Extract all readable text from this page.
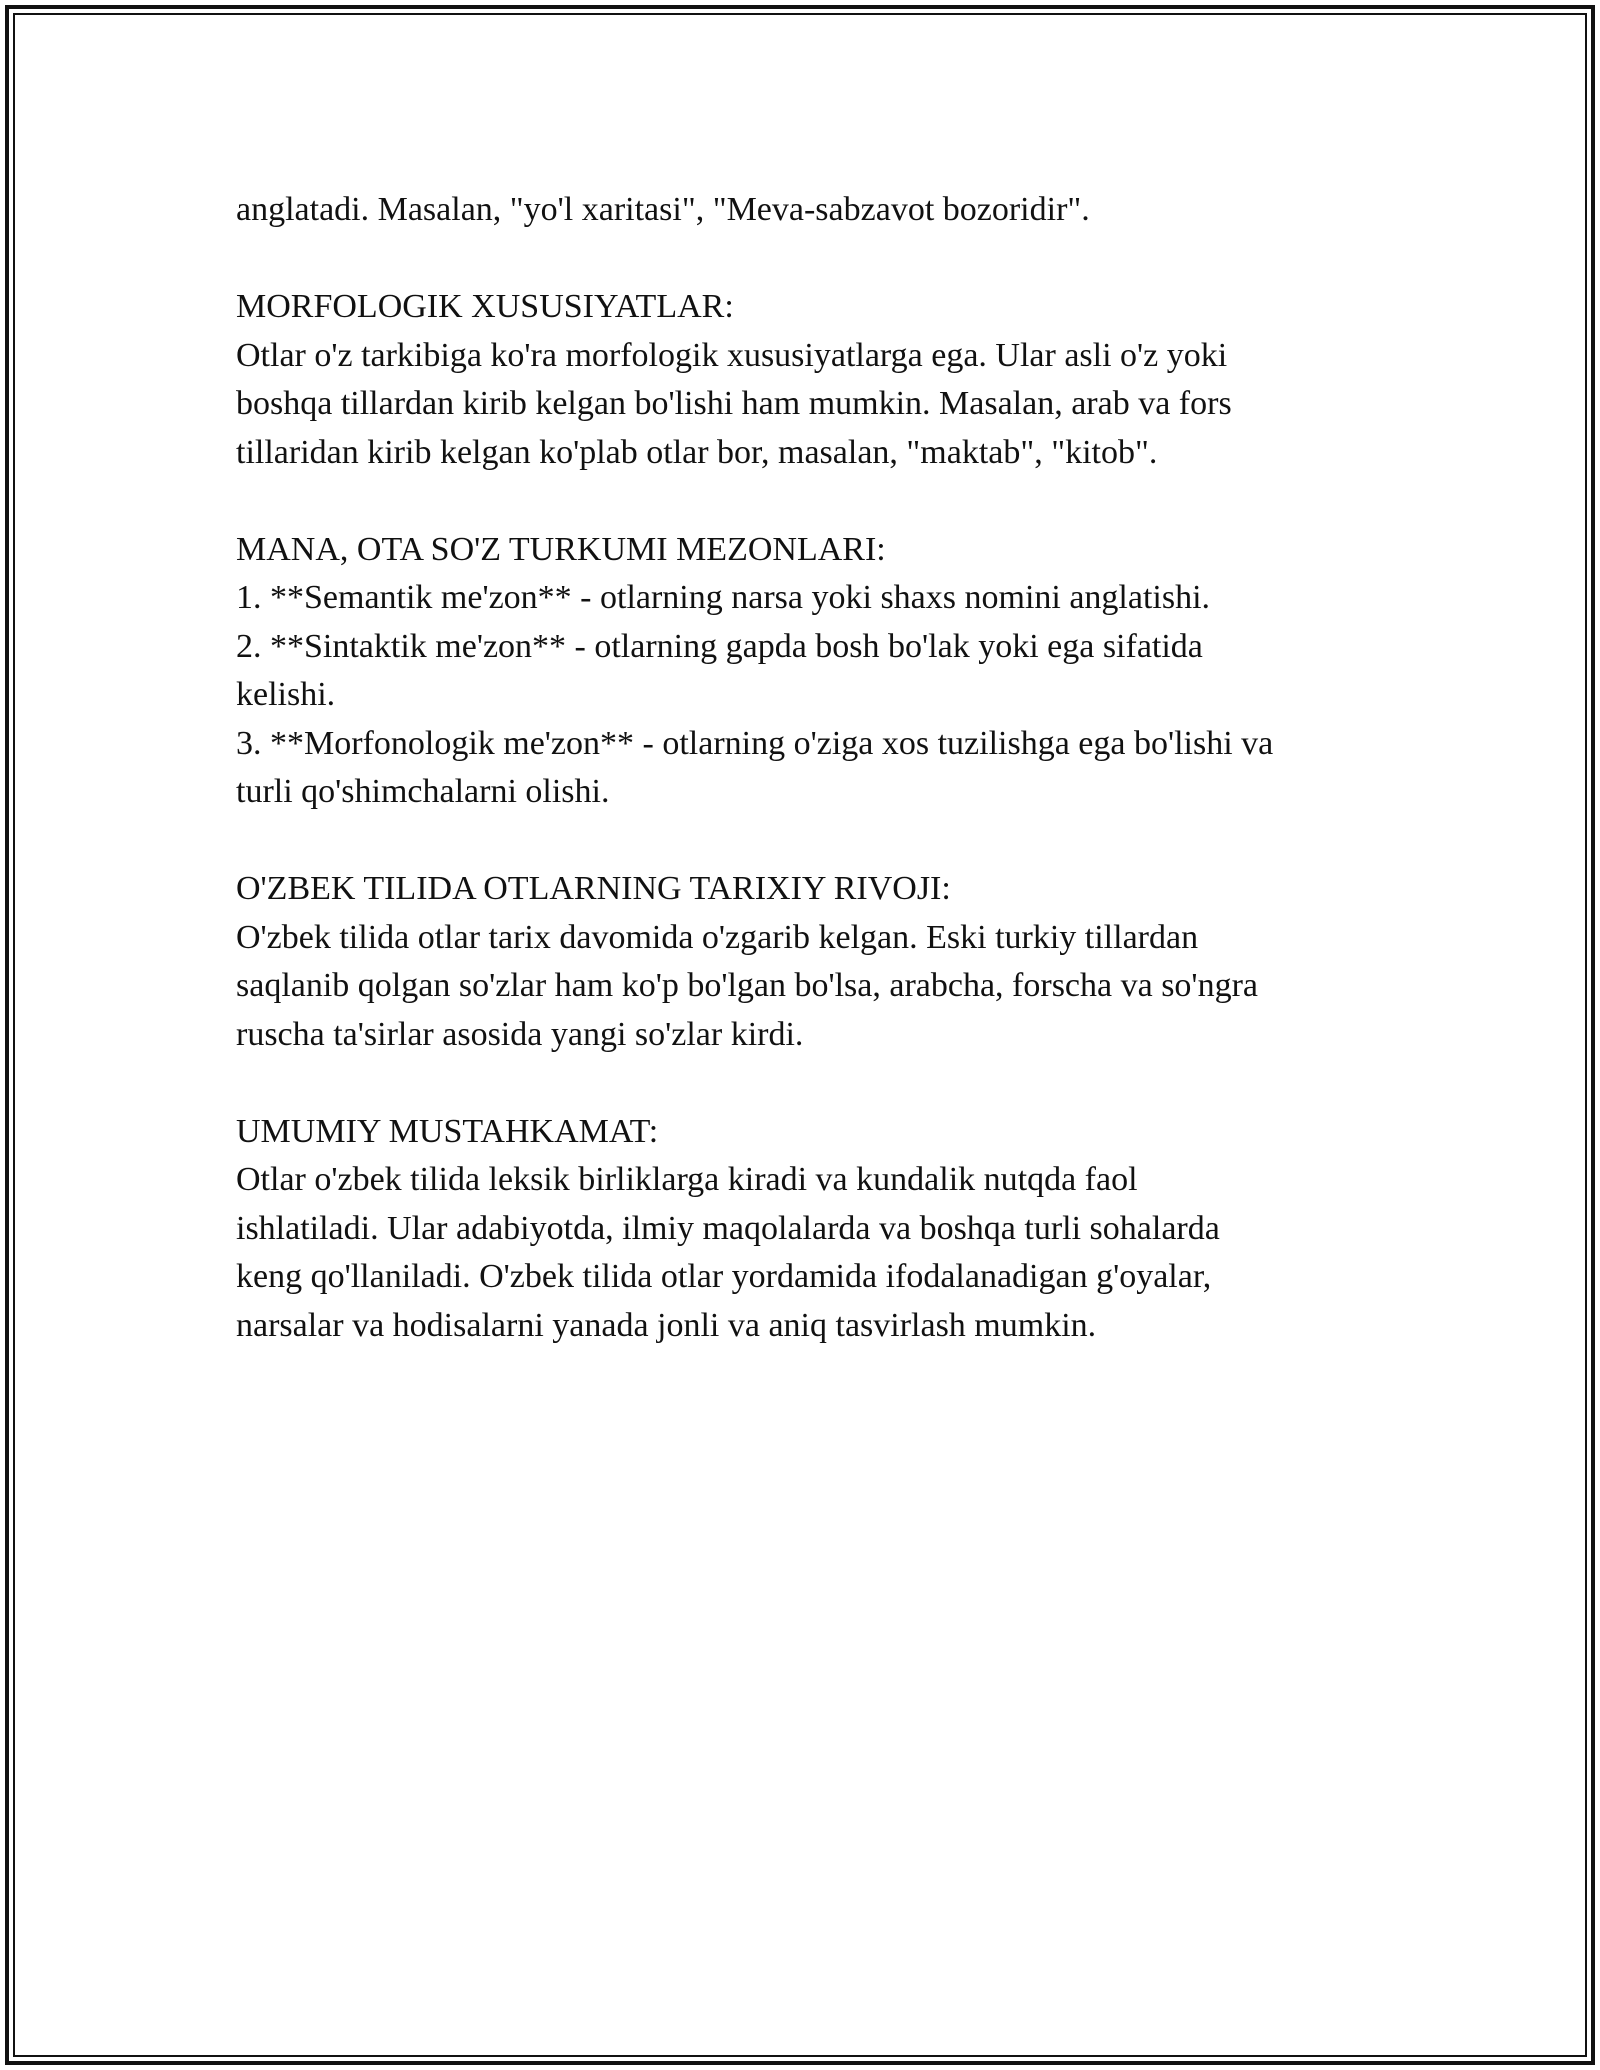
anglatadi. Masalan, "yo'l xaritasi", "Meva-sabzavot bozoridir".

MORFOLOGIK XUSUSIYATLAR:
Otlar o'z tarkibiga ko'ra morfologik xususiyatlarga ega. Ular asli o'z yoki
boshqa tillardan kirib kelgan bo'lishi ham mumkin. Masalan, arab va fors
tillaridan kirib kelgan ko'plab otlar bor, masalan, "maktab", "kitob".
MANA, OTA SO'Z TURKUMI MEZONLARI:
1. **Semantik me'zon** - otlarning narsa yoki shaxs nomini anglatishi.
2. **Sintaktik me'zon** - otlarning gapda bosh bo'lak yoki ega sifatida
kelishi.
3. **Morfonologik me'zon** - otlarning o'ziga xos tuzilishga ega bo'lishi va
turli qo'shimchalarni olishi.
O'ZBEK TILIDA OTLARNING TARIXIY RIVOJI:
O'zbek tilida otlar tarix davomida o'zgarib kelgan. Eski turkiy tillardan
saqlanib qolgan so'zlar ham ko'p bo'lgan bo'lsa, arabcha, forscha va so'ngra
ruscha ta'sirlar asosida yangi so'zlar kirdi.
UMUMIY MUSTAHKAMAT:
Otlar o'zbek tilida leksik birliklarga kiradi va kundalik nutqda faol
ishlatiladi. Ular adabiyotda, ilmiy maqolalarda va boshqa turli sohalarda
keng qo'llaniladi. O'zbek tilida otlar yordamida ifodalanadigan g'oyalar,
narsalar va hodisalarni yanada jonli va aniq tasvirlash mumkin.
